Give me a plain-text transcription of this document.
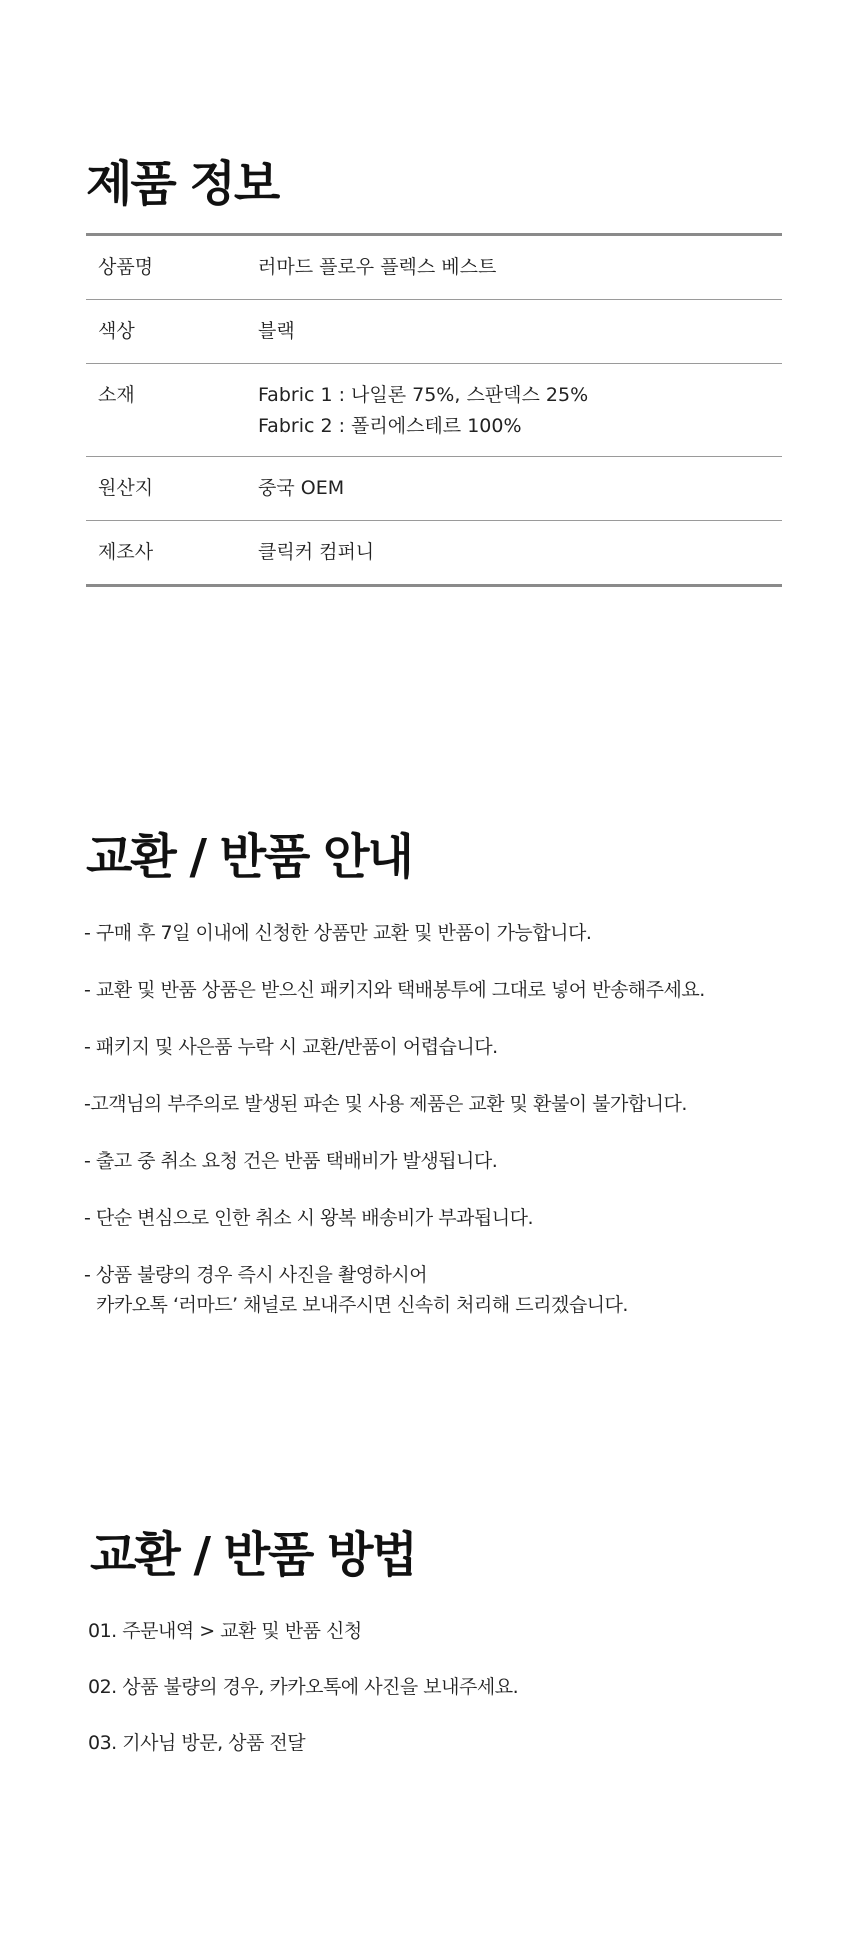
제품 정보
상품명	러마드 플로우 플렉스 베스트
색상	블랙
소재	Fabric 1 : 나일론 75%, 스판덱스 25%
Fabric 2 : 폴리에스테르 100%
원산지	중국 OEM
제조사	클릭커 컴퍼니
교환 / 반품 안내
- 구매 후 7일 이내에 신청한 상품만 교환 및 반품이 가능합니다.
- 교환 및 반품 상품은 받으신 패키지와 택배봉투에 그대로 넣어 반송해주세요.
- 패키지 및 사은품 누락 시 교환/반품이 어렵습니다.
-고객님의 부주의로 발생된 파손 및 사용 제품은 교환 및 환불이 불가합니다.
- 출고 중 취소 요청 건은 반품 택배비가 발생됩니다.
- 단순 변심으로 인한 취소 시 왕복 배송비가 부과됩니다.
- 상품 불량의 경우 즉시 사진을 촬영하시어
카카오톡 ‘러마드’ 채널로 보내주시면 신속히 처리해 드리겠습니다.
교환 / 반품 방법
01. 주문내역 > 교환 및 반품 신청
02. 상품 불량의 경우, 카카오톡에 사진을 보내주세요.
03. 기사님 방문, 상품 전달
